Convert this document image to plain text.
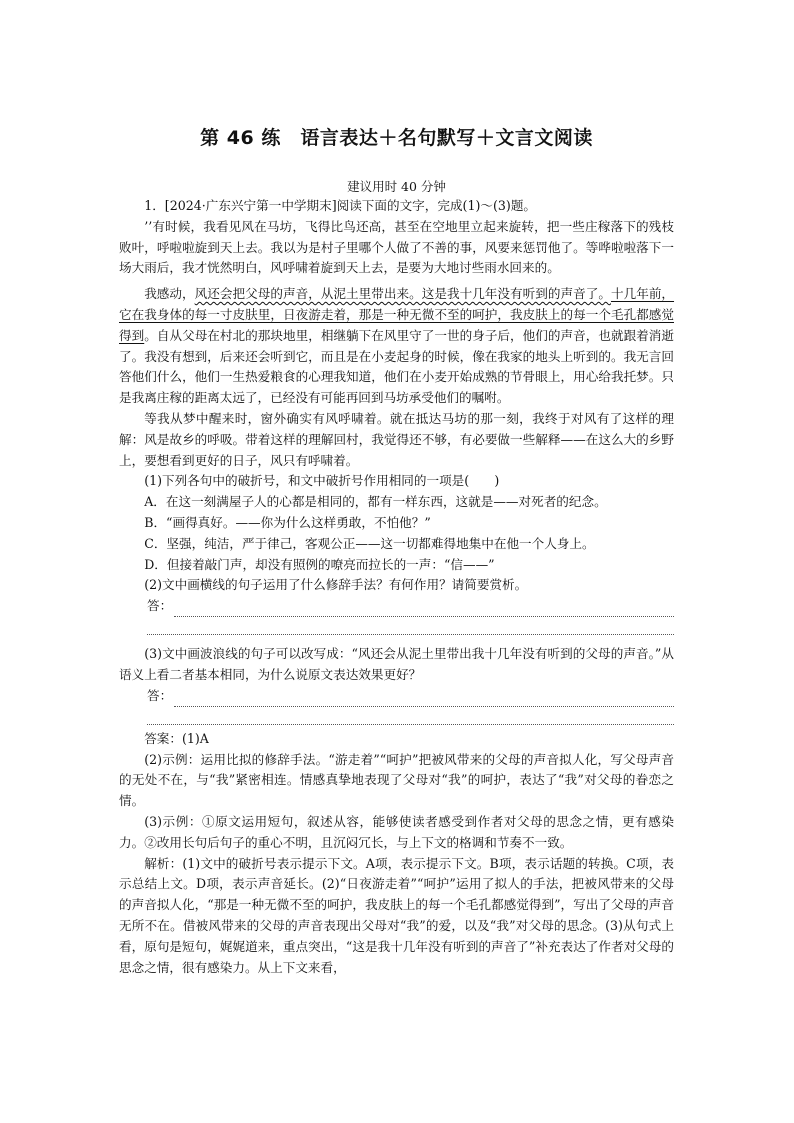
第 46 练　语言表达＋名句默写＋文言文阅读
建议用时 40 分钟

1．[2024·广东兴宁第一中学期末]阅读下面的文字，完成(1)～(3)题。

’’有时候，我看见风在马坊，飞得比鸟还高，甚至在空地里立起来旋转，把一些庄稼落下的残枝败叶，呼啦啦旋到天上去。我以为是村子里哪个人做了不善的事，风要来惩罚他了。等哗啦啦落下一场大雨后，我才恍然明白，风呼啸着旋到天上去，是要为大地讨些雨水回来的。

我感动，风还会把父母的声音，从泥土里带出来。这是我十几年没有听到的声音了。十几年前，它在我身体的每一寸皮肤里，日夜游走着，那是一种无微不至的呵护，我皮肤上的每一个毛孔都感觉得到。自从父母在村北的那块地里，相继躺下在风里守了一世的身子后，他们的声音，也就跟着消逝了。我没有想到，后来还会听到它，而且是在小麦起身的时候，像在我家的地头上听到的。我无言回答他们什么，他们一生热爱粮食的心理我知道，他们在小麦开始成熟的节骨眼上，用心给我托梦。只是我离庄稼的距离太远了，已经没有可能再回到马坊承受他们的嘱咐。

等我从梦中醒来时，窗外确实有风呼啸着。就在抵达马坊的那一刻，我终于对风有了这样的理解：风是故乡的呼吸。带着这样的理解回村，我觉得还不够，有必要做一些解释——在这么大的乡野上，要想看到更好的日子，风只有呼啸着。

(1)下列各句中的破折号，和文中破折号作用相同的一项是(　　)

A．在这一刻满屋子人的心都是相同的，都有一样东西，这就是——对死者的纪念。

B．“画得真好。——你为什么这样勇敢，不怕他？”

C．坚强，纯洁，严于律己，客观公正——这一切都难得地集中在他一个人身上。

D．但接着敲门声，却没有照例的嘹亮而拉长的一声：“信——”

(2)文中画横线的句子运用了什么修辞手法？有何作用？请简要赏析。

答：

(3)文中画波浪线的句子可以改写成：“风还会从泥土里带出我十几年没有听到的父母的声音。”从语义上看二者基本相同，为什么说原文表达效果更好？

答：

答案：(1)A

(2)示例：运用比拟的修辞手法。“游走着”“呵护”把被风带来的父母的声音拟人化，写父母声音的无处不在，与“我”紧密相连。情感真挚地表现了父母对“我”的呵护，表达了“我”对父母的眷恋之情。

(3)示例：①原文运用短句，叙述从容，能够使读者感受到作者对父母的思念之情，更有感染力。②改用长句后句子的重心不明，且沉闷冗长，与上下文的格调和节奏不一致。

解析：(1)文中的破折号表示提示下文。A项，表示提示下文。B项，表示话题的转换。C项，表示总结上文。D项，表示声音延长。(2)“日夜游走着”“呵护”运用了拟人的手法，把被风带来的父母的声音拟人化，“那是一种无微不至的呵护，我皮肤上的每一个毛孔都感觉得到”，写出了父母的声音无所不在。借被风带来的父母的声音表现出父母对“我”的爱，以及“我”对父母的思念。(3)从句式上看，原句是短句，娓娓道来，重点突出，“这是我十几年没有听到的声音了”补充表达了作者对父母的思念之情，很有感染力。从上下文来看，
